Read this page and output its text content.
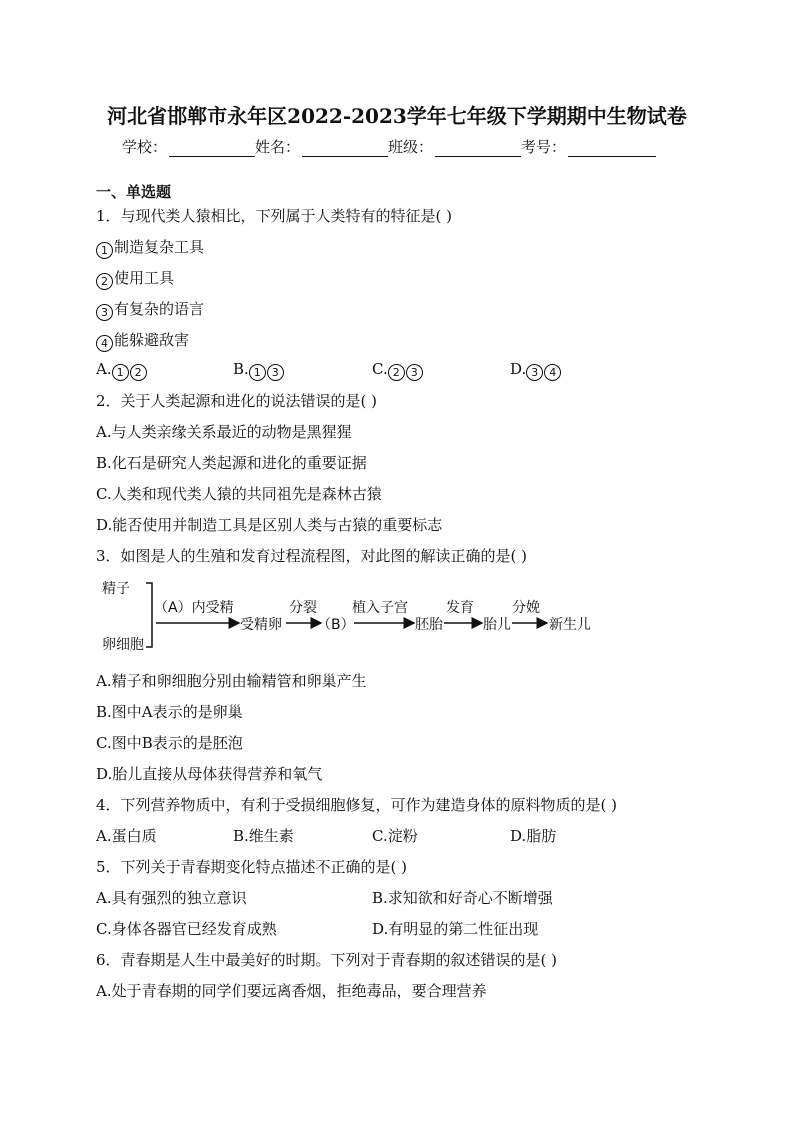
河北省邯郸市永年区2022-2023学年七年级下学期期中生物试卷
学校：	姓名：	班级：	考号：
一、单选题
1．与现代类人猿相比，下列属于人类特有的特征是( )
1 制造复杂工具
2 使用工具
3 有复杂的语言
4 能躲避敌害
A. 1 2	B. 1 3	C. 2 3	D. 3 4
2．关于人类起源和进化的说法错误的是( )
A.与人类亲缘关系最近的动物是黑猩猩
B.化石是研究人类起源和进化的重要证据
C.人类和现代类人猿的共同祖先是森林古猿
D.能否使用并制造工具是区别人类与古猿的重要标志
3．如图是人的生殖和发育过程流程图，对此图的解读正确的是( )
精子
卵细胞
（A）内受精
受精卵
分裂
（B）
植入子宫
胚胎
发育
胎儿
分娩
新生儿
A.精子和卵细胞分别由输精管和卵巢产生
B.图中A表示的是卵巢
C.图中B表示的是胚泡
D.胎儿直接从母体获得营养和氧气
4．下列营养物质中，有利于受损细胞修复，可作为建造身体的原料物质的是( )
A.蛋白质	B.维生素	C.淀粉	D.脂肪
5．下列关于青春期变化特点描述不正确的是( )
A.具有强烈的独立意识	B.求知欲和好奇心不断增强
C.身体各器官已经发育成熟	D.有明显的第二性征出现
6．青春期是人生中最美好的时期。下列对于青春期的叙述错误的是( )
A.处于青春期的同学们要远离香烟，拒绝毒品，要合理营养
